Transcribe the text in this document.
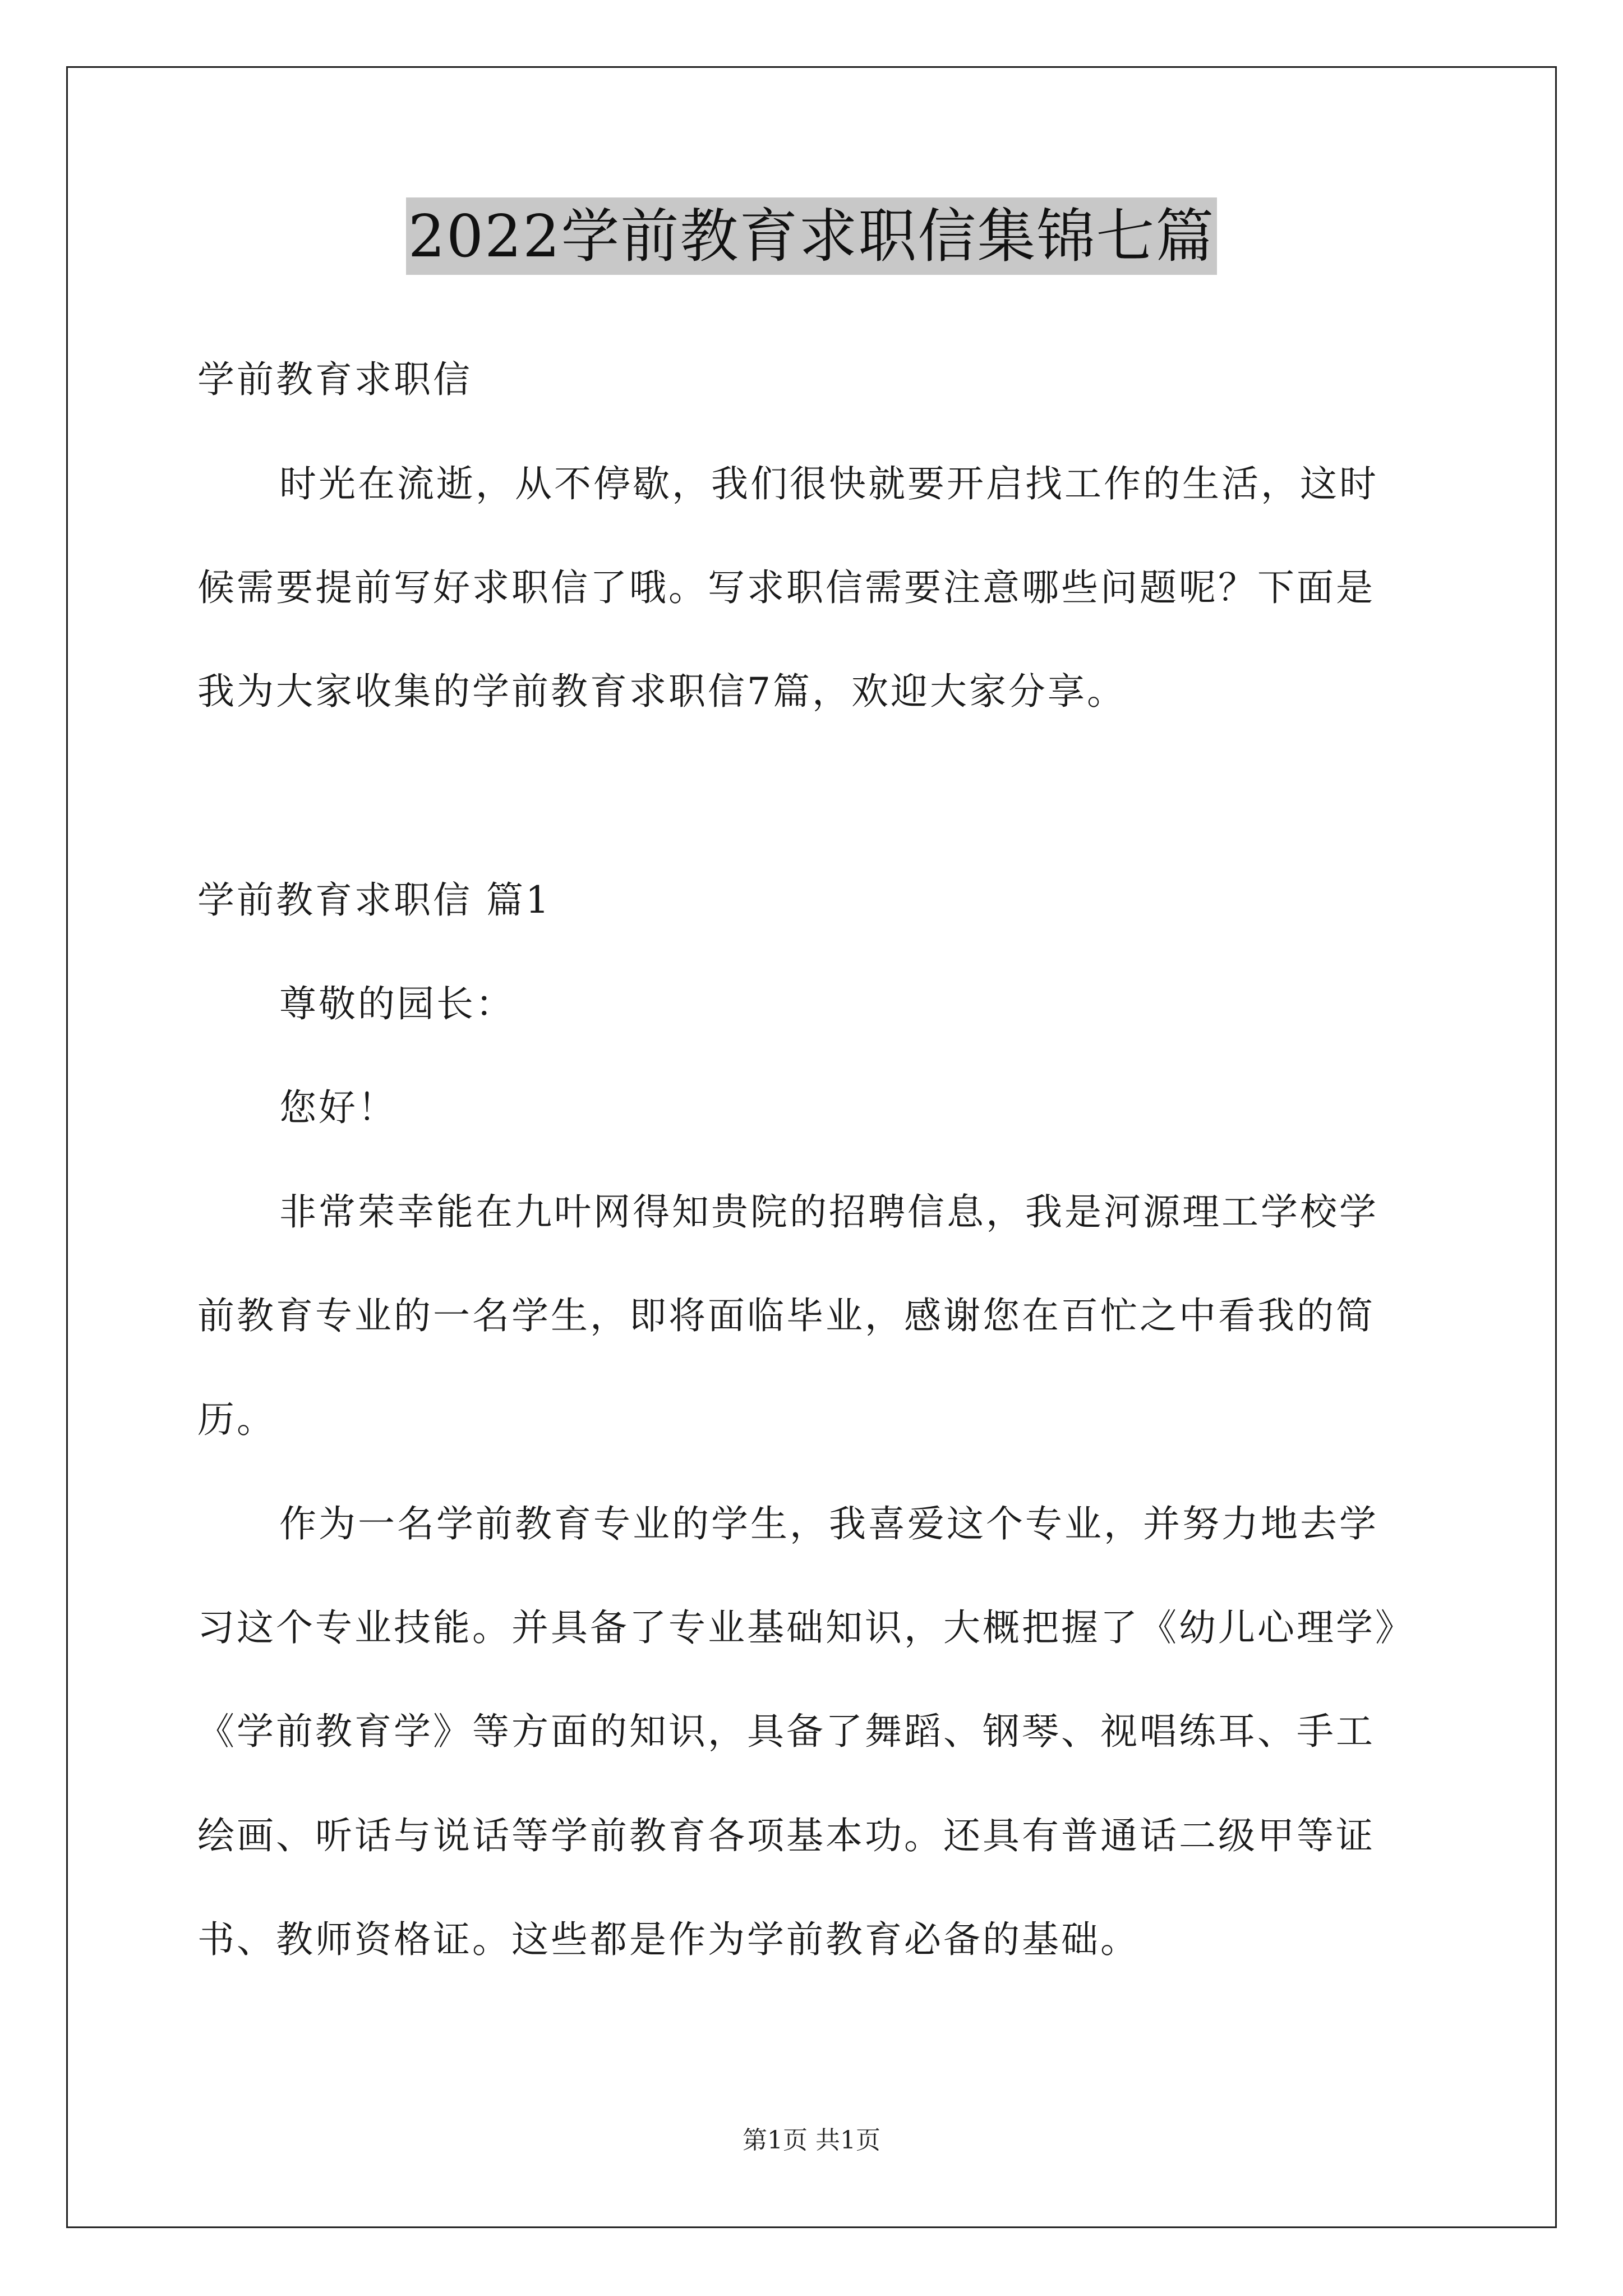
2022学前教育求职信集锦七篇
学前教育求职信
时光在流逝，从不停歇，我们很快就要开启找工作的生活，这时
候需要提前写好求职信了哦。写求职信需要注意哪些问题呢？下面是
我为大家收集的学前教育求职信7篇，欢迎大家分享。
学前教育求职信 篇1
尊敬的园长：
您好！
非常荣幸能在九叶网得知贵院的招聘信息，我是河源理工学校学
前教育专业的一名学生，即将面临毕业，感谢您在百忙之中看我的简
历。
作为一名学前教育专业的学生，我喜爱这个专业，并努力地去学
习这个专业技能。并具备了专业基础知识，大概把握了《幼儿心理学》
《学前教育学》等方面的知识，具备了舞蹈、钢琴、视唱练耳、手工
绘画、听话与说话等学前教育各项基本功。还具有普通话二级甲等证
书、教师资格证。这些都是作为学前教育必备的基础。
第1页 共1页
